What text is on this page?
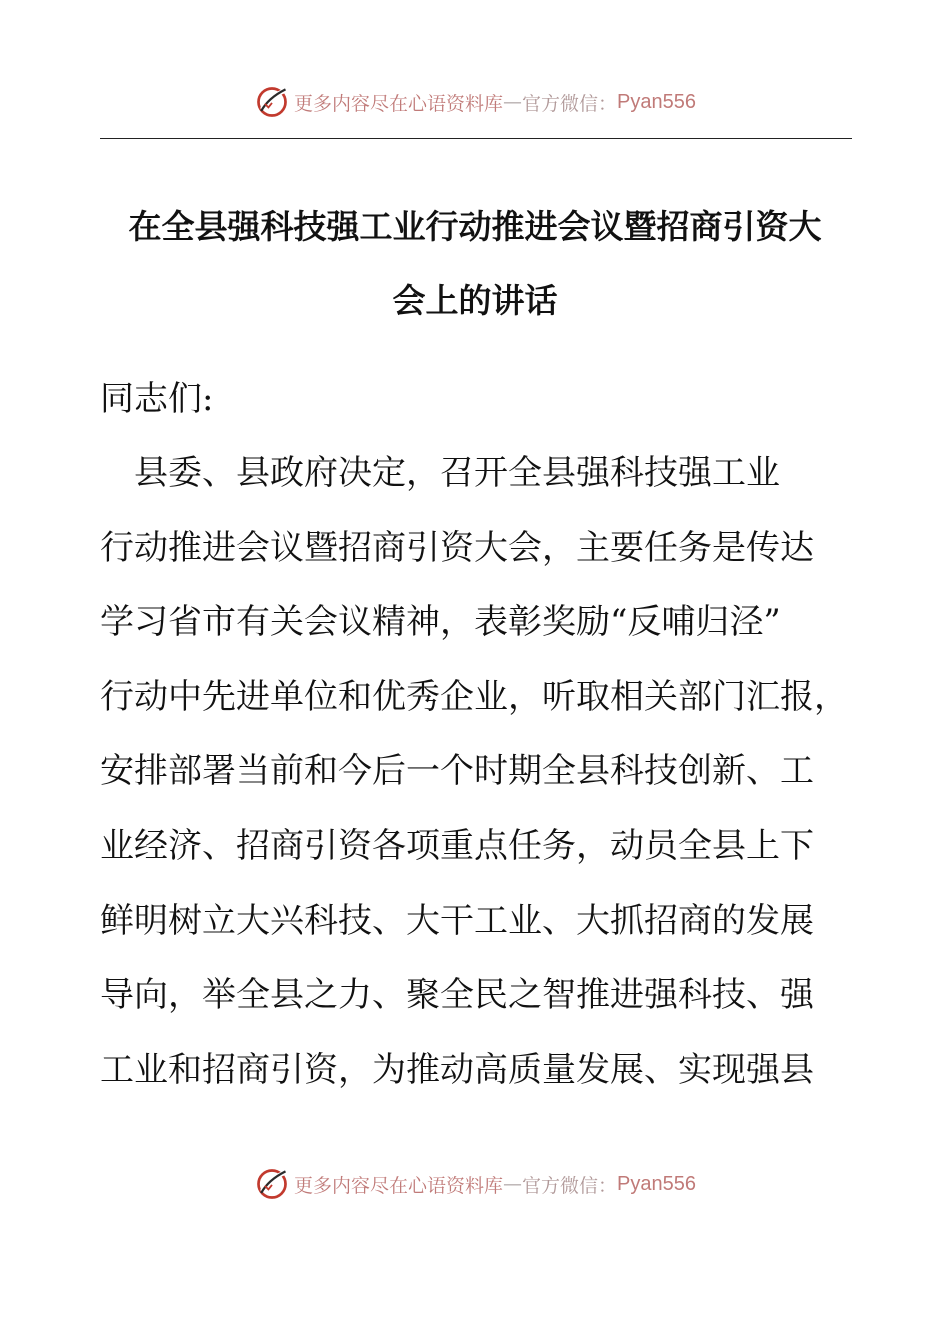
更多内容尽在心语资料库 — 官方微信： Pyan556
在全县强科技强工业行动推进会议暨招商引资大
会上的讲话
同志们:
　县委、县政府决定，召开全县强科技强工业
行动推进会议暨招商引资大会，主要任务是传达
学习省市有关会议精神，表彰奖励“反哺归泾”
行动中先进单位和优秀企业，听取相关部门汇报，
安排部署当前和今后一个时期全县科技创新、工
业经济、招商引资各项重点任务，动员全县上下
鲜明树立大兴科技、大干工业、大抓招商的发展
导向，举全县之力、聚全民之智推进强科技、强
工业和招商引资，为推动高质量发展、实现强县
更多内容尽在心语资料库 — 官方微信： Pyan556
